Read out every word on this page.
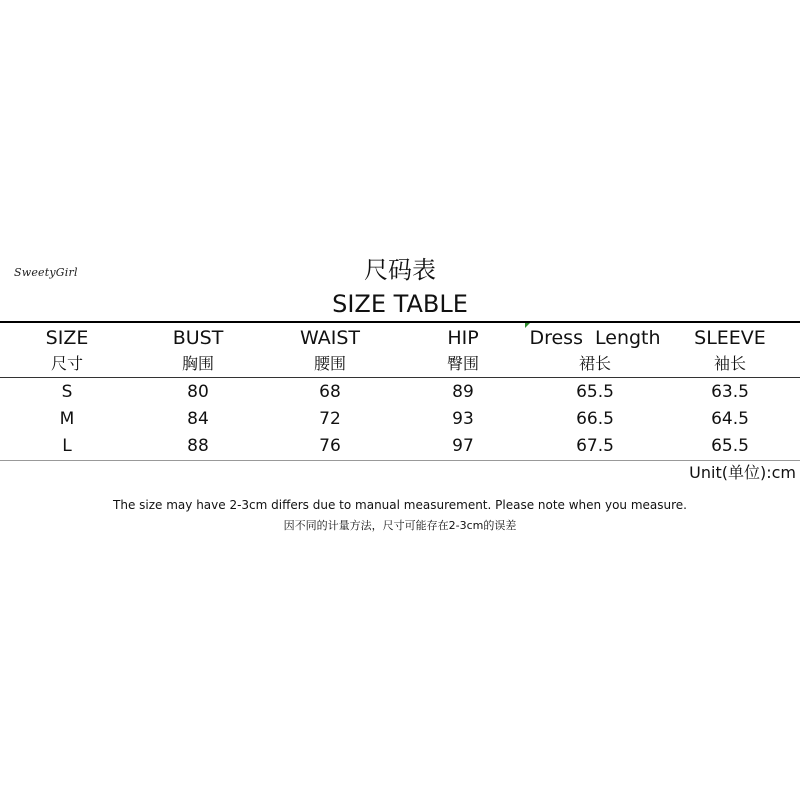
SweetyGirl	尺码表
SIZE TABLE
SIZE	BUST	WAIST	HIP	Dress Length	SLEEVE
尺寸	胸围	腰围	臀围	裙长	袖长
S	80	68	89	65.5	63.5
M	84	72	93	66.5	64.5
L	88	76	97	67.5	65.5
Unit(单位):cm
The size may have 2-3cm differs due to manual measurement. Please note when you measure.
因不同的计量方法，尺寸可能存在2-3cm的误差
